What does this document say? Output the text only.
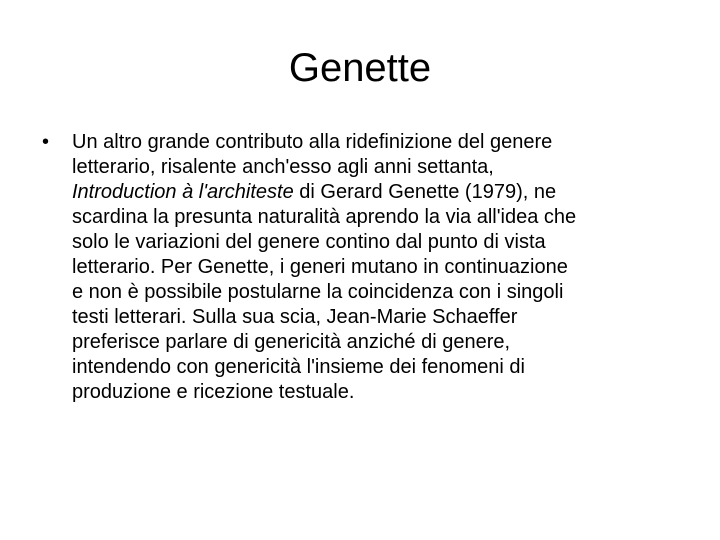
Genette
• Un altro grande contributo alla ridefinizione del genere
letterario, risalente anch'esso agli anni settanta,
Introduction à l'architeste di Gerard Genette (1979), ne
scardina la presunta naturalità aprendo la via all'idea che
solo le variazioni del genere contino dal punto di vista
letterario. Per Genette, i generi mutano in continuazione
e non è possibile postularne la coincidenza con i singoli
testi letterari. Sulla sua scia, Jean-Marie Schaeffer
preferisce parlare di genericità anziché di genere,
intendendo con genericità l'insieme dei fenomeni di
produzione e ricezione testuale.
